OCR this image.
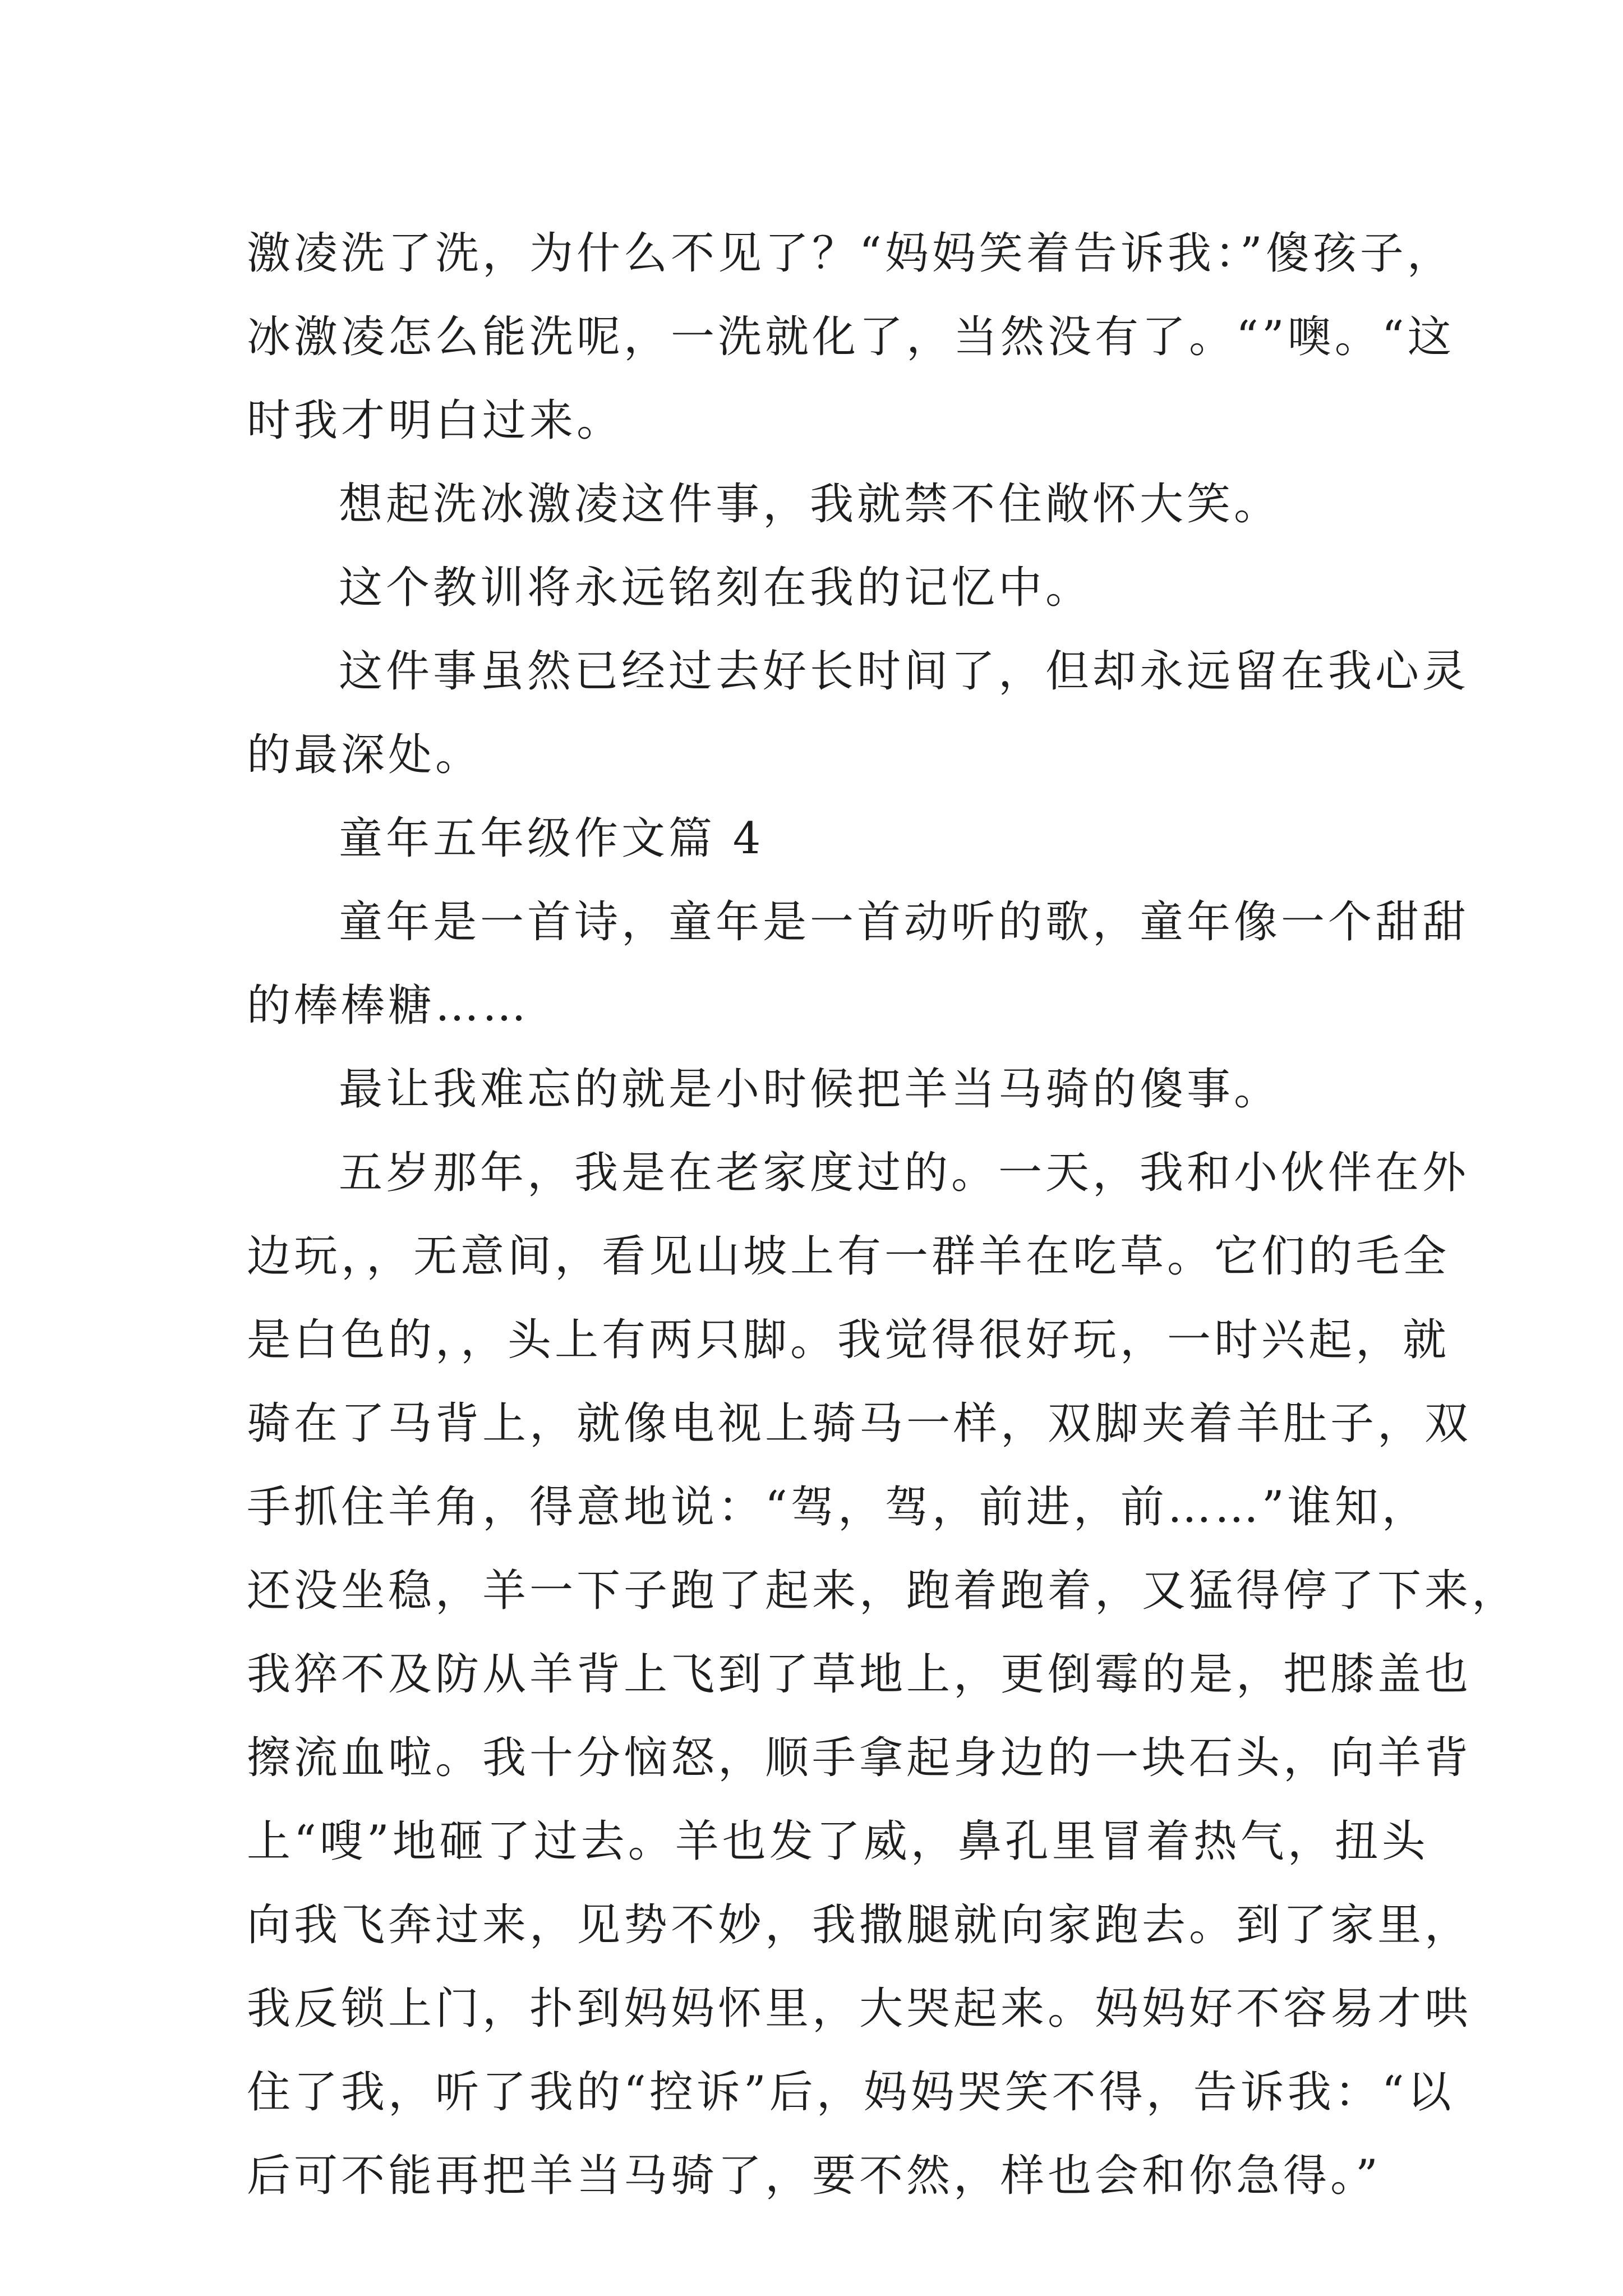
激凌洗了洗，为什么不见了？“妈妈笑着告诉我：”傻孩子，
冰激凌怎么能洗呢，一洗就化了，当然没有了。“”噢。“这
时我才明白过来。
想起洗冰激凌这件事，我就禁不住敞怀大笑。
这个教训将永远铭刻在我的记忆中。
这件事虽然已经过去好长时间了，但却永远留在我心灵
的最深处。
童年五年级作文篇 4
童年是一首诗，童年是一首动听的歌，童年像一个甜甜
的棒棒糖……
最让我难忘的就是小时候把羊当马骑的傻事。
五岁那年，我是在老家度过的。一天，我和小伙伴在外
边玩，，无意间，看见山坡上有一群羊在吃草。它们的毛全
是白色的，，头上有两只脚。我觉得很好玩，一时兴起，就
骑在了马背上，就像电视上骑马一样，双脚夹着羊肚子，双
手抓住羊角，得意地说：“驾，驾，前进，前……”谁知，
还没坐稳，羊一下子跑了起来，跑着跑着，又猛得停了下来，
我猝不及防从羊背上飞到了草地上，更倒霉的是，把膝盖也
擦流血啦。我十分恼怒，顺手拿起身边的一块石头，向羊背
上“嗖”地砸了过去。羊也发了威，鼻孔里冒着热气，扭头
向我飞奔过来，见势不妙，我撒腿就向家跑去。到了家里，
我反锁上门，扑到妈妈怀里，大哭起来。妈妈好不容易才哄
住了我，听了我的“控诉”后，妈妈哭笑不得，告诉我：“以
后可不能再把羊当马骑了，要不然，样也会和你急得。”
